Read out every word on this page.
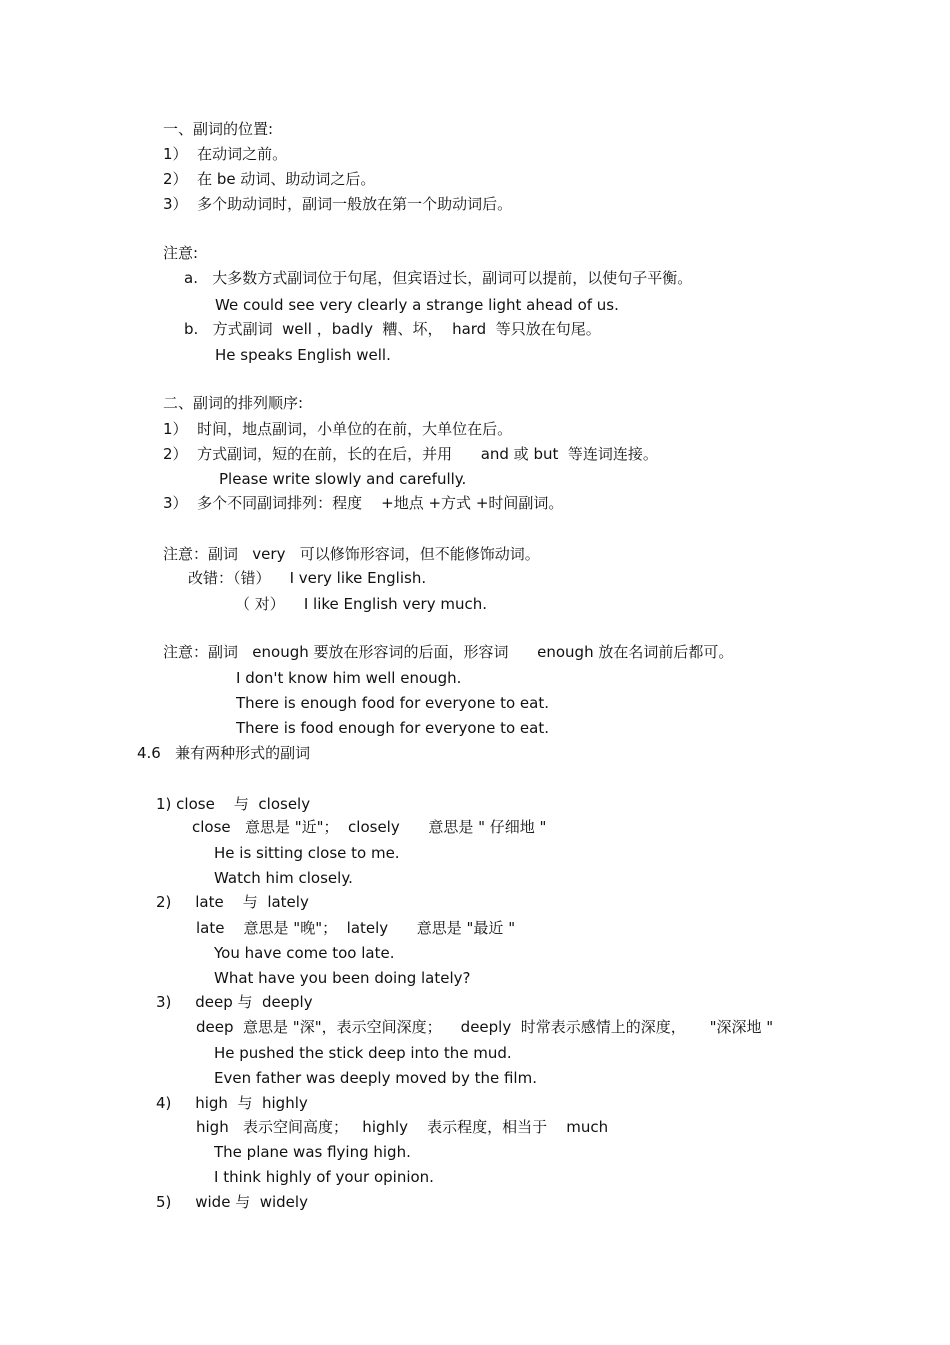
一、副词的位置:
1）  在动词之前。
2）  在 be 动词、助动词之后。
3）  多个助动词时，副词一般放在第一个助动词后。
注意:
a.   大多数方式副词位于句尾，但宾语过长，副词可以提前，以使句子平衡。
We could see very clearly a strange light ahead of us.
b.   方式副词  well ，badly  糟、坏，  hard  等只放在句尾。
He speaks English well.
二、副词的排列顺序:
1）  时间，地点副词，小单位的在前，大单位在后。
2）  方式副词，短的在前，长的在后，并用      and 或 but  等连词连接。
Please write slowly and carefully.
3）  多个不同副词排列：程度    +地点 +方式 +时间副词。
注意：副词   very   可以修饰形容词，但不能修饰动词。
改错：（错）    I very like English.
（ 对）    I like English very much.
注意：副词   enough 要放在形容词的后面，形容词      enough 放在名词前后都可。
I don't know him well enough.
There is enough food for everyone to eat.
There is food enough for everyone to eat.
4.6   兼有两种形式的副词
1) close    与  closely
close   意思是 "近"；  closely      意思是 " 仔细地 "
He is sitting close to me.
Watch him closely.
2)     late    与  lately
late    意思是 "晚"；  lately      意思是 "最近 "
You have come too late.
What have you been doing lately?
3)     deep 与  deeply
deep  意思是 "深"，表示空间深度；    deeply  时常表示感情上的深度，     "深深地 "
He pushed the stick deep into the mud.
Even father was deeply moved by the film.
4)     high  与  highly
high   表示空间高度；   highly    表示程度，相当于    much
The plane was flying high.
I think highly of your opinion.
5)     wide 与  widely
